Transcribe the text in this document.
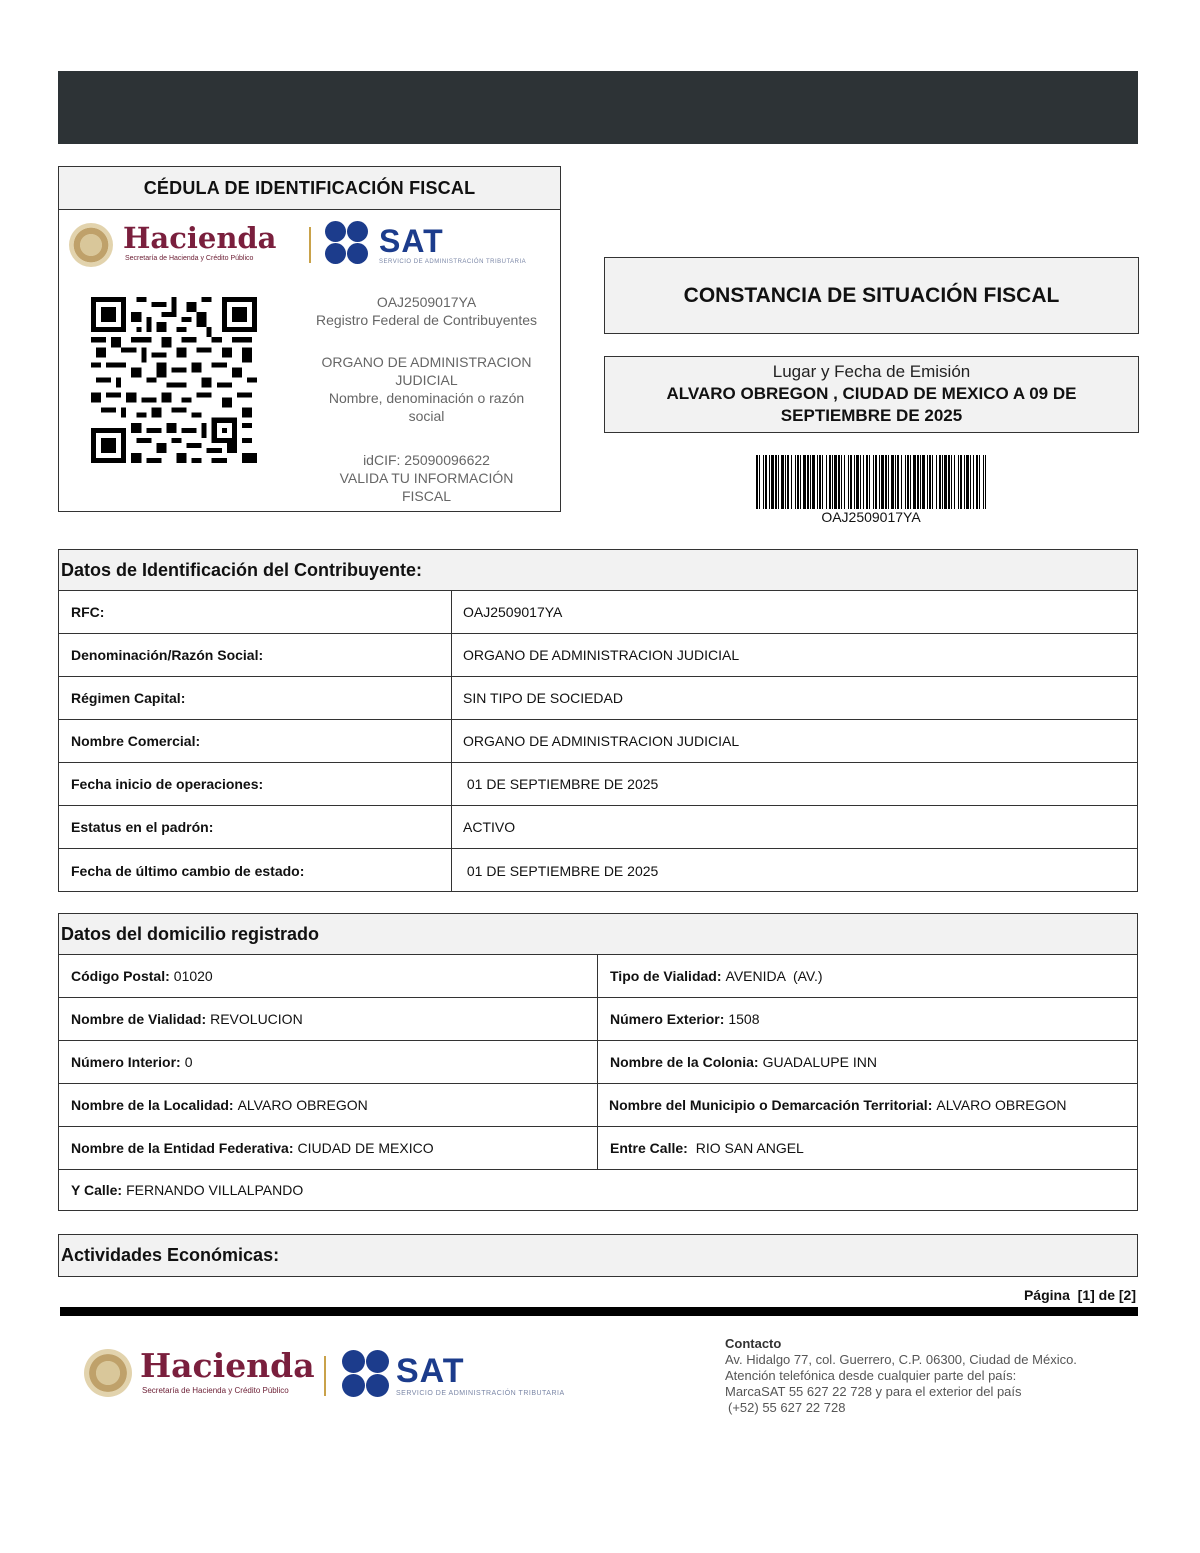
CÉDULA DE IDENTIFICACIÓN FISCAL
Hacienda
Secretaría de Hacienda y Crédito Público	SAT
SERVICIO DE ADMINISTRACIÓN TRIBUTARIA
OAJ2509017YA
Registro Federal de Contribuyentes
ORGANO DE ADMINISTRACION
JUDICIAL
Nombre, denominación o razón
social
idCIF: 25090096622
VALIDA TU INFORMACIÓN
FISCAL
CONSTANCIA DE SITUACIÓN FISCAL
Lugar y Fecha de Emisión
ALVARO OBREGON , CIUDAD DE MEXICO A 09 DE
SEPTIEMBRE DE 2025
OAJ2509017YA
Datos de Identificación del Contribuyente:
RFC:	OAJ2509017YA
Denominación/Razón Social:	ORGANO DE ADMINISTRACION JUDICIAL
Régimen Capital:	SIN TIPO DE SOCIEDAD
Nombre Comercial:	ORGANO DE ADMINISTRACION JUDICIAL
Fecha inicio de operaciones:	01 DE SEPTIEMBRE DE 2025
Estatus en el padrón:	ACTIVO
Fecha de último cambio de estado:	01 DE SEPTIEMBRE DE 2025
Datos del domicilio registrado
Código Postal: 01020	Tipo de Vialidad: AVENIDA  (AV.)
Nombre de Vialidad: REVOLUCION	Número Exterior: 1508
Número Interior: 0	Nombre de la Colonia: GUADALUPE INN
Nombre de la Localidad: ALVARO OBREGON	Nombre del Municipio o Demarcación Territorial: ALVARO OBREGON
Nombre de la Entidad Federativa: CIUDAD DE MEXICO	Entre Calle: RIO SAN ANGEL
Y Calle: FERNANDO VILLALPANDO
Actividades Económicas:
Página  [1] de [2]
Hacienda
Secretaría de Hacienda y Crédito Público
SAT
SERVICIO DE ADMINISTRACIÓN TRIBUTARIA
Contacto
Av. Hidalgo 77, col. Guerrero, C.P. 06300, Ciudad de México.
Atención telefónica desde cualquier parte del país:
MarcaSAT 55 627 22 728 y para el exterior del país
(+52) 55 627 22 728
